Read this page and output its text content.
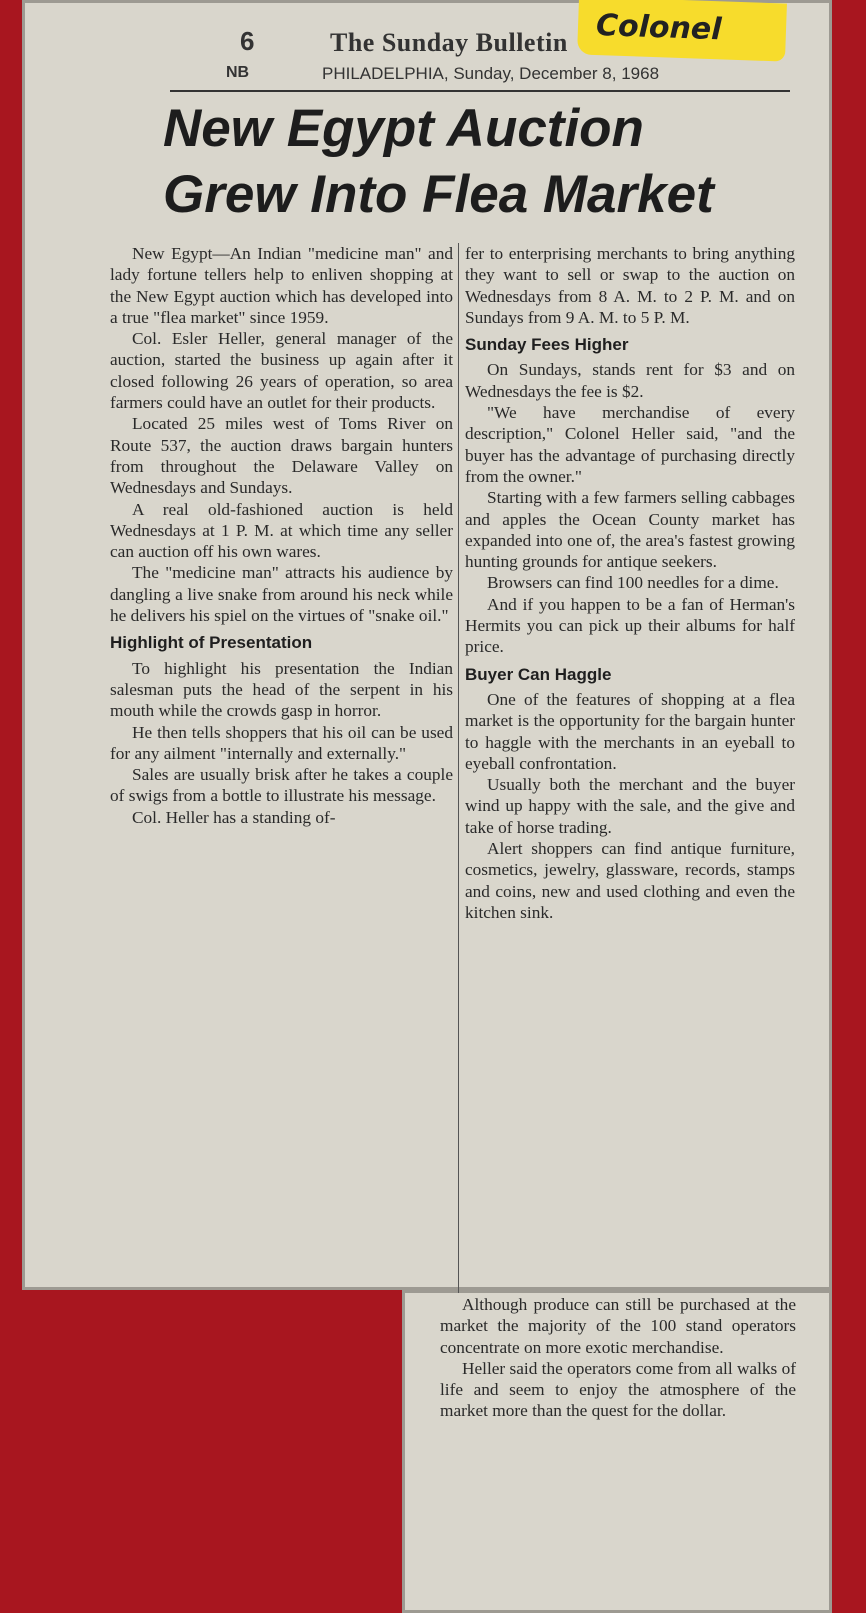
Colonel
6
NB
The Sunday Bulletin
PHILADELPHIA, Sunday, December 8, 1968
New Egypt Auction Grew Into Flea Market

New Egypt—An Indian "medicine man" and lady fortune tellers help to enliven shopping at the New Egypt auction which has developed into a true "flea market" since 1959.

Col. Esler Heller, general manager of the auction, started the business up again after it closed following 26 years of operation, so area farmers could have an outlet for their products.

Located 25 miles west of Toms River on Route 537, the auction draws bargain hunters from throughout the Delaware Valley on Wednesdays and Sundays.

A real old-fashioned auction is held Wednesdays at 1 P. M. at which time any seller can auction off his own wares.

The "medicine man" attracts his audience by dangling a live snake from around his neck while he delivers his spiel on the virtues of "snake oil."

Highlight of Presentation

To highlight his presentation the Indian salesman puts the head of the serpent in his mouth while the crowds gasp in horror.

He then tells shoppers that his oil can be used for any ailment "internally and externally."

Sales are usually brisk after he takes a couple of swigs from a bottle to illustrate his message.

Col. Heller has a standing of-

fer to enterprising merchants to bring anything they want to sell or swap to the auction on Wednesdays from 8 A. M. to 2 P. M. and on Sundays from 9 A. M. to 5 P. M.

Sunday Fees Higher

On Sundays, stands rent for $3 and on Wednesdays the fee is $2.

"We have merchandise of every description," Colonel Heller said, "and the buyer has the advantage of purchasing directly from the owner."

Starting with a few farmers selling cabbages and apples the Ocean County market has expanded into one of, the area's fastest growing hunting grounds for antique seekers.

Browsers can find 100 needles for a dime.

And if you happen to be a fan of Herman's Hermits you can pick up their albums for half price.

Buyer Can Haggle

One of the features of shopping at a flea market is the opportunity for the bargain hunter to haggle with the merchants in an eyeball to eyeball confrontation.

Usually both the merchant and the buyer wind up happy with the sale, and the give and take of horse trading.

Alert shoppers can find antique furniture, cosmetics, jewelry, glassware, records, stamps and coins, new and used clothing and even the kitchen sink.

Although produce can still be purchased at the market the majority of the 100 stand operators concentrate on more exotic merchandise.

Heller said the operators come from all walks of life and seem to enjoy the atmosphere of the market more than the quest for the dollar.
